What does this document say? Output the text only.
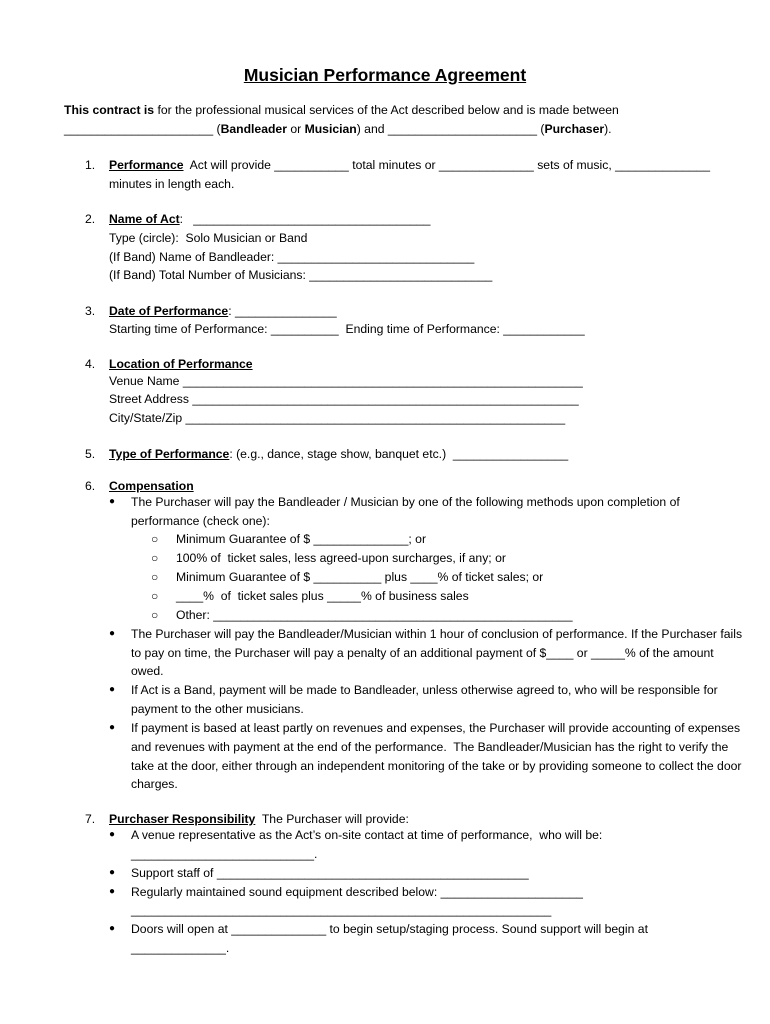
Musician Performance Agreement
This contract is for the professional musical services of the Act described below and is made between
______________________ (Bandleader or Musician) and ______________________ (Purchaser).
1.	Performance  Act will provide ___________ total minutes or ______________ sets of music, ______________
minutes in length each.
2.	Name of Act:   ___________________________________
Type (circle):  Solo Musician or Band
(If Band) Name of Bandleader: _____________________________
(If Band) Total Number of Musicians: ___________________________
3.	Date of Performance: _______________
Starting time of Performance: __________  Ending time of Performance: ____________
4.	Location of Performance
Venue Name ___________________________________________________________
Street Address _________________________________________________________
City/State/Zip ________________________________________________________
5.	Type of Performance: (e.g., dance, stage show, banquet etc.)  _________________
6.	Compensation
● The Purchaser will pay the Bandleader / Musician by one of the following methods upon completion of
performance (check one):
○ Minimum Guarantee of $ ______________; or
○ 100% of  ticket sales, less agreed-upon surcharges, if any; or
○ Minimum Guarantee of $ __________ plus ____% of ticket sales; or
○ ____%  of  ticket sales plus _____% of business sales
○ Other: _____________________________________________________
● The Purchaser will pay the Bandleader/Musician within 1 hour of conclusion of performance. If the Purchaser fails
to pay on time, the Purchaser will pay a penalty of an additional payment of $____ or _____% of the amount
owed.
● If Act is a Band, payment will be made to Bandleader, unless otherwise agreed to, who will be responsible for
payment to the other musicians.
● If payment is based at least partly on revenues and expenses, the Purchaser will provide accounting of expenses
and revenues with payment at the end of the performance.  The Bandleader/Musician has the right to verify the
take at the door, either through an independent monitoring of the take or by providing someone to collect the door
charges.
7.	Purchaser Responsibility  The Purchaser will provide:
● A venue representative as the Act’s on-site contact at time of performance,  who will be:
___________________________.
● Support staff of ______________________________________________
● Regularly maintained sound equipment described below: _____________________
______________________________________________________________
● Doors will open at ______________ to begin setup/staging process. Sound support will begin at
______________.
